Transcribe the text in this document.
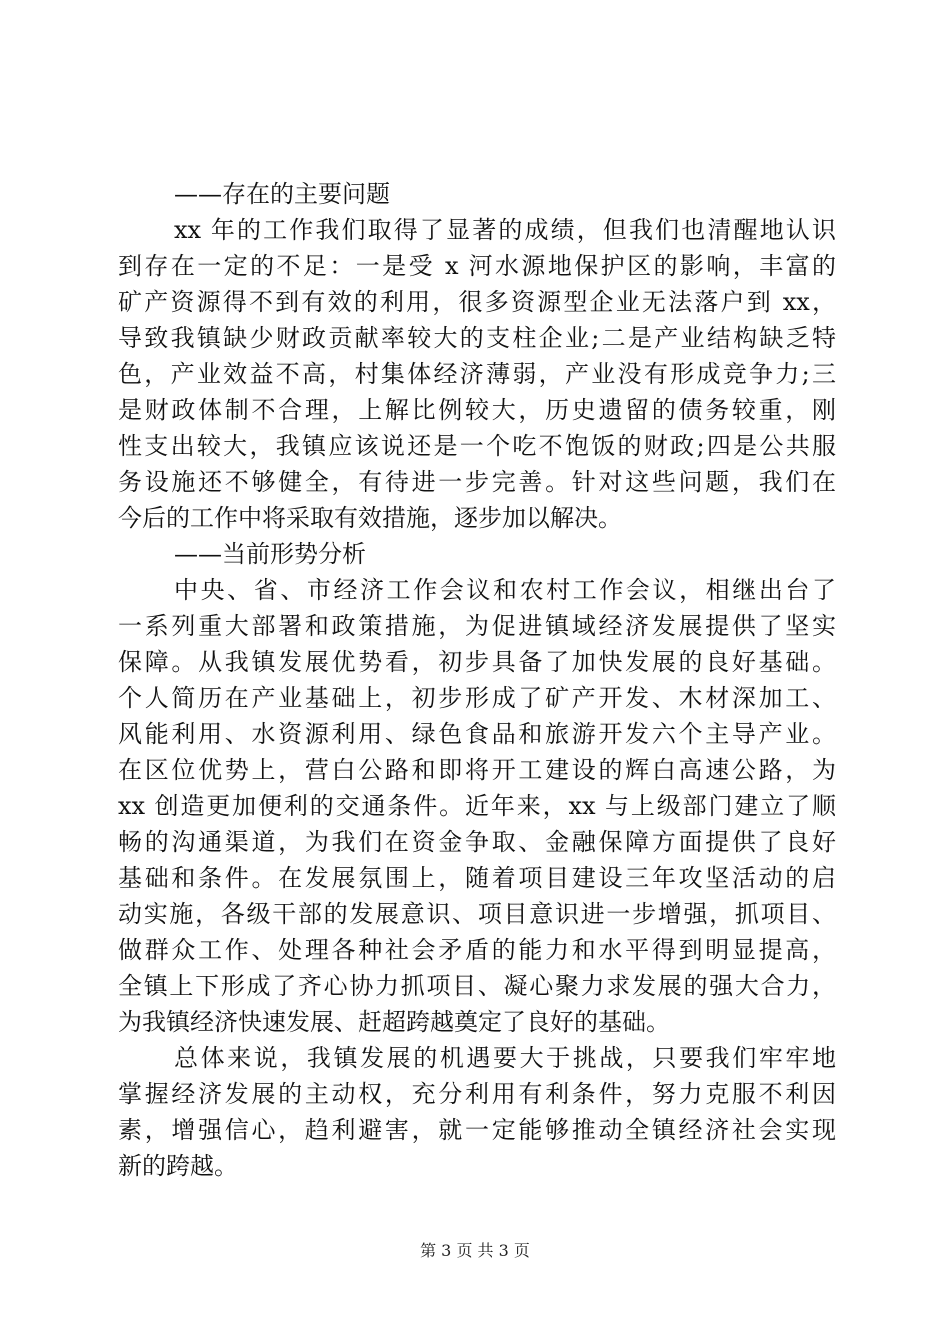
——存在的主要问题
xx 年的工作我们取得了显著的成绩，但我们也清醒地认识
到存在一定的不足：一是受 x 河水源地保护区的影响，丰富的
矿产资源得不到有效的利用，很多资源型企业无法落户到 xx，
导致我镇缺少财政贡献率较大的支柱企业;二是产业结构缺乏特
色，产业效益不高，村集体经济薄弱，产业没有形成竞争力;三
是财政体制不合理，上解比例较大，历史遗留的债务较重，刚
性支出较大，我镇应该说还是一个吃不饱饭的财政;四是公共服
务设施还不够健全，有待进一步完善。针对这些问题，我们在
今后的工作中将采取有效措施，逐步加以解决。
——当前形势分析
中央、省、市经济工作会议和农村工作会议，相继出台了
一系列重大部署和政策措施，为促进镇域经济发展提供了坚实
保障。从我镇发展优势看，初步具备了加快发展的良好基础。
个人简历在产业基础上，初步形成了矿产开发、木材深加工、
风能利用、水资源利用、绿色食品和旅游开发六个主导产业。
在区位优势上，营白公路和即将开工建设的辉白高速公路，为
xx 创造更加便利的交通条件。近年来，xx 与上级部门建立了顺
畅的沟通渠道，为我们在资金争取、金融保障方面提供了良好
基础和条件。在发展氛围上，随着项目建设三年攻坚活动的启
动实施，各级干部的发展意识、项目意识进一步增强，抓项目、
做群众工作、处理各种社会矛盾的能力和水平得到明显提高，
全镇上下形成了齐心协力抓项目、凝心聚力求发展的强大合力，
为我镇经济快速发展、赶超跨越奠定了良好的基础。
总体来说，我镇发展的机遇要大于挑战，只要我们牢牢地
掌握经济发展的主动权，充分利用有利条件，努力克服不利因
素，增强信心，趋利避害，就一定能够推动全镇经济社会实现
新的跨越。
第 3 页 共 3 页
